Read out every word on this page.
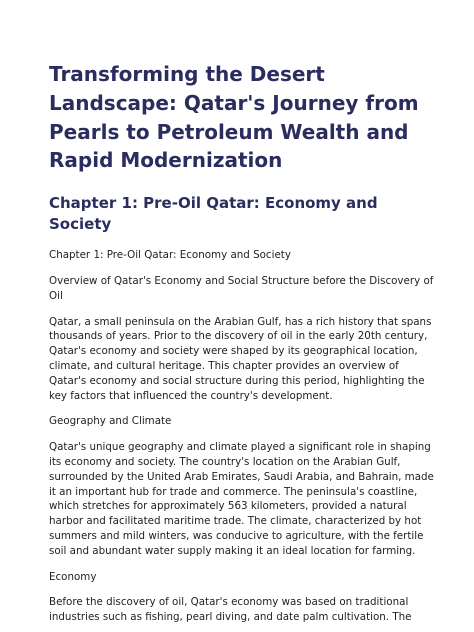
Transforming the Desert Landscape: Qatar's Journey from Pearls to Petroleum Wealth and Rapid Modernization
Chapter 1: Pre-Oil Qatar: Economy and Society

Chapter 1: Pre-Oil Qatar: Economy and Society

Overview of Qatar's Economy and Social Structure before the Discovery of Oil

Qatar, a small peninsula on the Arabian Gulf, has a rich history that spans thousands of years. Prior to the discovery of oil in the early 20th century, Qatar's economy and society were shaped by its geographical location, climate, and cultural heritage. This chapter provides an overview of Qatar's economy and social structure during this period, highlighting the key factors that influenced the country's development.

Geography and Climate

Qatar's unique geography and climate played a significant role in shaping its economy and society. The country's location on the Arabian Gulf, surrounded by the United Arab Emirates, Saudi Arabia, and Bahrain, made it an important hub for trade and commerce. The peninsula's coastline, which stretches for approximately 563 kilometers, provided a natural harbor and facilitated maritime trade. The climate, characterized by hot summers and mild winters, was conducive to agriculture, with the fertile soil and abundant water supply making it an ideal location for farming.

Economy

Before the discovery of oil, Qatar's economy was based on traditional industries such as fishing, pearl diving, and date palm cultivation. The
